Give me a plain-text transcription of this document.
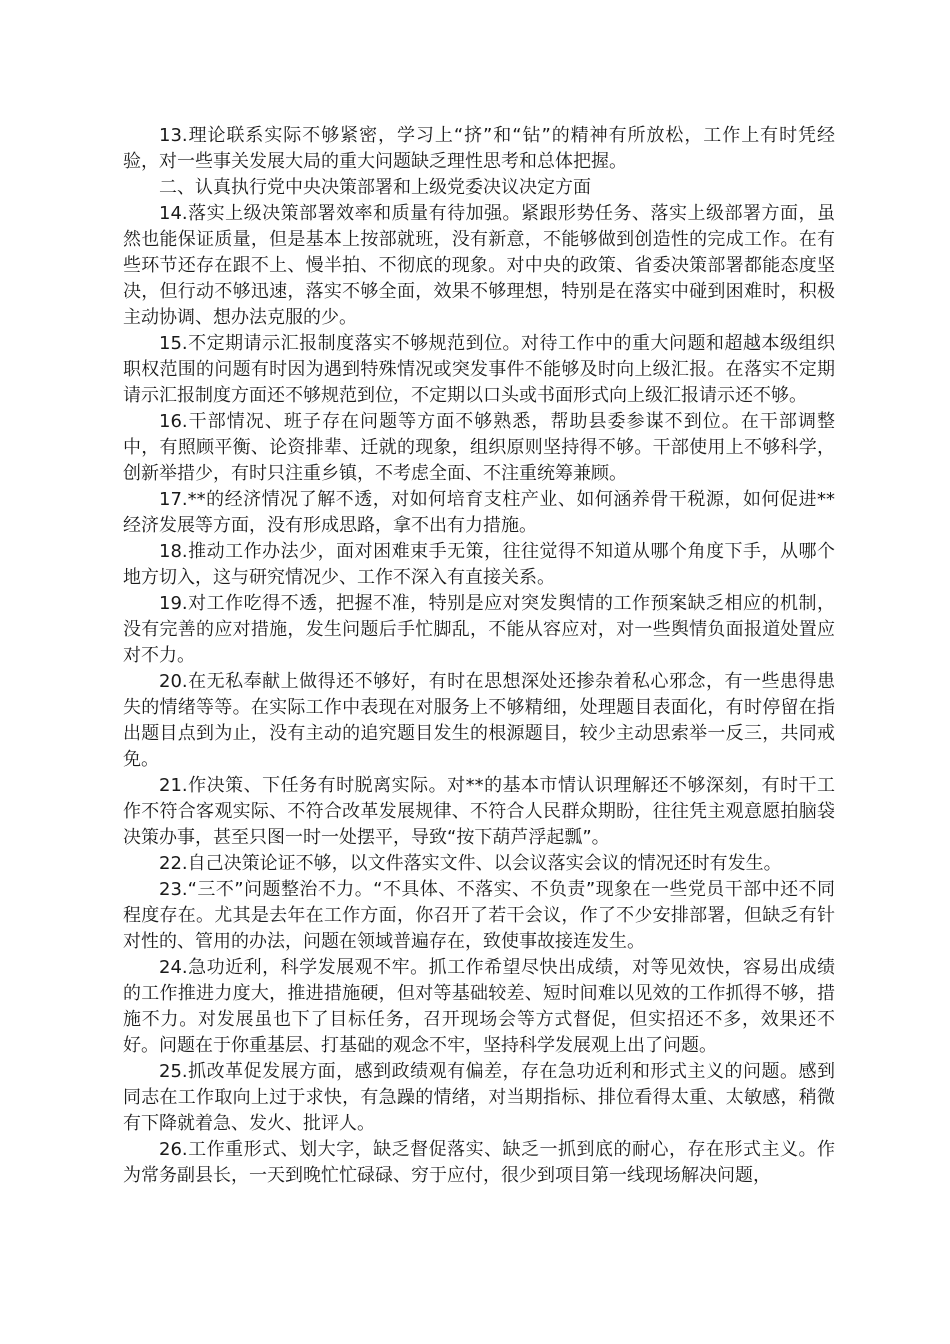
13.理论联系实际不够紧密，学习上“挤”和“钻”的精神有所放松，工作上有时凭经验，对一些事关发展大局的重大问题缺乏理性思考和总体把握。

二、认真执行党中央决策部署和上级党委决议决定方面

14.落实上级决策部署效率和质量有待加强。紧跟形势任务、落实上级部署方面，虽然也能保证质量，但是基本上按部就班，没有新意，不能够做到创造性的完成工作。在有些环节还存在跟不上、慢半拍、不彻底的现象。对中央的政策、省委决策部署都能态度坚决，但行动不够迅速，落实不够全面，效果不够理想，特别是在落实中碰到困难时，积极主动协调、想办法克服的少。

15.不定期请示汇报制度落实不够规范到位。对待工作中的重大问题和超越本级组织职权范围的问题有时因为遇到特殊情况或突发事件不能够及时向上级汇报。在落实不定期请示汇报制度方面还不够规范到位，不定期以口头或书面形式向上级汇报请示还不够。

16.干部情况、班子存在问题等方面不够熟悉，帮助县委参谋不到位。在干部调整中，有照顾平衡、论资排辈、迁就的现象，组织原则坚持得不够。干部使用上不够科学，创新举措少，有时只注重乡镇，不考虑全面、不注重统筹兼顾。

17.**的经济情况了解不透，对如何培育支柱产业、如何涵养骨干税源，如何促进**经济发展等方面，没有形成思路，拿不出有力措施。

18.推动工作办法少，面对困难束手无策，往往觉得不知道从哪个角度下手，从哪个地方切入，这与研究情况少、工作不深入有直接关系。

19.对工作吃得不透，把握不准，特别是应对突发舆情的工作预案缺乏相应的机制，没有完善的应对措施，发生问题后手忙脚乱，不能从容应对，对一些舆情负面报道处置应对不力。

20.在无私奉献上做得还不够好，有时在思想深处还掺杂着私心邪念，有一些患得患失的情绪等等。在实际工作中表现在对服务上不够精细，处理题目表面化，有时停留在指出题目点到为止，没有主动的追究题目发生的根源题目，较少主动思索举一反三，共同戒免。

21.作决策、下任务有时脱离实际。对**的基本市情认识理解还不够深刻，有时干工作不符合客观实际、不符合改革发展规律、不符合人民群众期盼，往往凭主观意愿拍脑袋决策办事，甚至只图一时一处摆平，导致“按下葫芦浮起瓢”。

22.自己决策论证不够，以文件落实文件、以会议落实会议的情况还时有发生。

23.“三不”问题整治不力。“不具体、不落实、不负责”现象在一些党员干部中还不同程度存在。尤其是去年在工作方面，你召开了若干会议，作了不少安排部署，但缺乏有针对性的、管用的办法，问题在领域普遍存在，致使事故接连发生。

24.急功近利，科学发展观不牢。抓工作希望尽快出成绩，对等见效快，容易出成绩的工作推进力度大，推进措施硬，但对等基础较差、短时间难以见效的工作抓得不够，措施不力。对发展虽也下了目标任务，召开现场会等方式督促，但实招还不多，效果还不好。问题在于你重基层、打基础的观念不牢，坚持科学发展观上出了问题。

25.抓改革促发展方面，感到政绩观有偏差，存在急功近利和形式主义的问题。感到同志在工作取向上过于求快，有急躁的情绪，对当期指标、排位看得太重、太敏感，稍微有下降就着急、发火、批评人。

26.工作重形式、划大字，缺乏督促落实、缺乏一抓到底的耐心，存在形式主义。作为常务副县长，一天到晚忙忙碌碌、穷于应付，很少到项目第一线现场解决问题，
